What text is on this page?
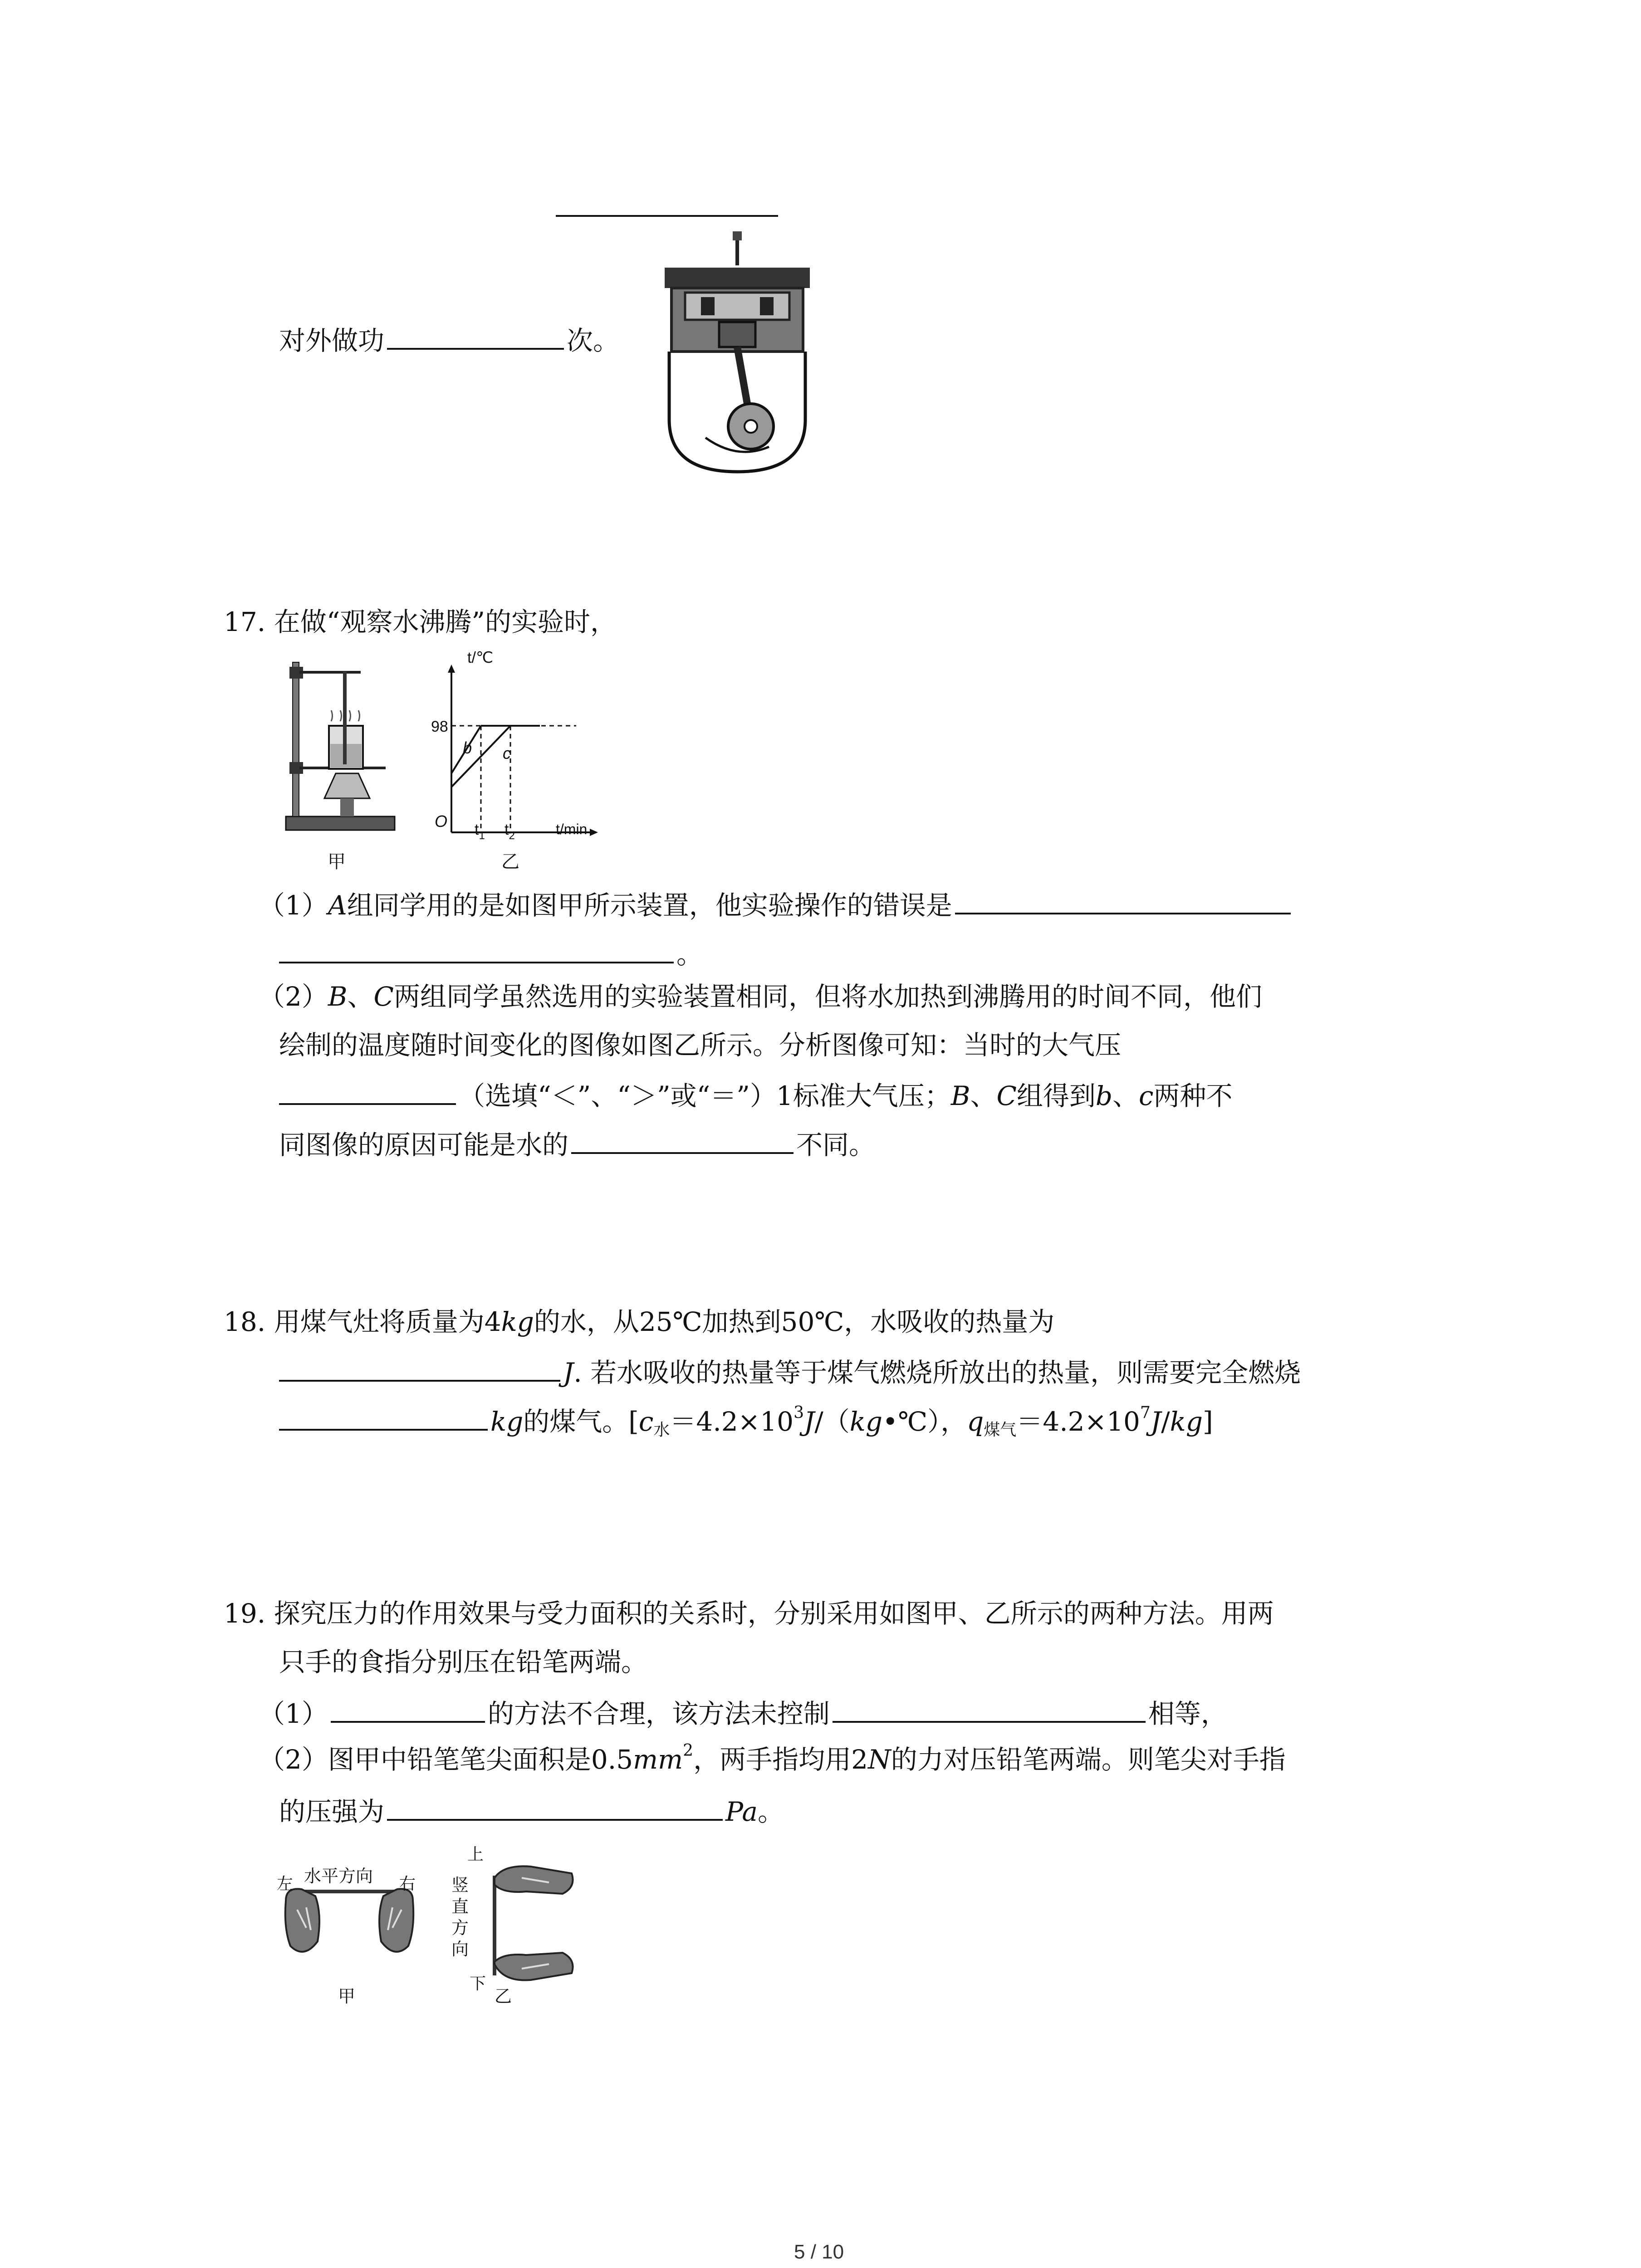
对外做功	次。
17. 在做“观察水沸腾”的实验时，
甲
t/℃
98
b c
O $t_1$ $t_2$	t/min
乙
（1）A组同学用的是如图甲所示装置，他实验操作的错误是
。
（2）B、C两组同学虽然选用的实验装置相同，但将水加热到沸腾用的时间不同，他们
绘制的温度随时间变化的图像如图乙所示。分析图像可知：当时的大气压
（选填“＜”、“＞”或“＝”）1标准大气压；B、C组得到b、c两种不
同图像的原因可能是水的	不同。
18. 用煤气灶将质量为4kg的水，从25℃加热到50℃，水吸收的热量为
J. 若水吸收的热量等于煤气燃烧所放出的热量，则需要完全燃烧
kg的煤气。[$c_水=4.2\times 10^3J/(kg•℃)$，$q_{煤气}=4.2\times 10^7J/kg$]
19. 探究压力的作用效果与受力面积的关系时，分别采用如图甲、乙所示的两种方法。用两
只手的食指分别压在铅笔两端。
（1）	的方法不合理，该方法未控制	相等，
（2）图甲中铅笔笔尖面积是$0.5mm^2$，两手指均用2N的力对压铅笔两端。则笔尖对手指
的压强为	Pa。
左 水平方向 右
甲
上
竖
直
方
向
下
乙
5 / 10
